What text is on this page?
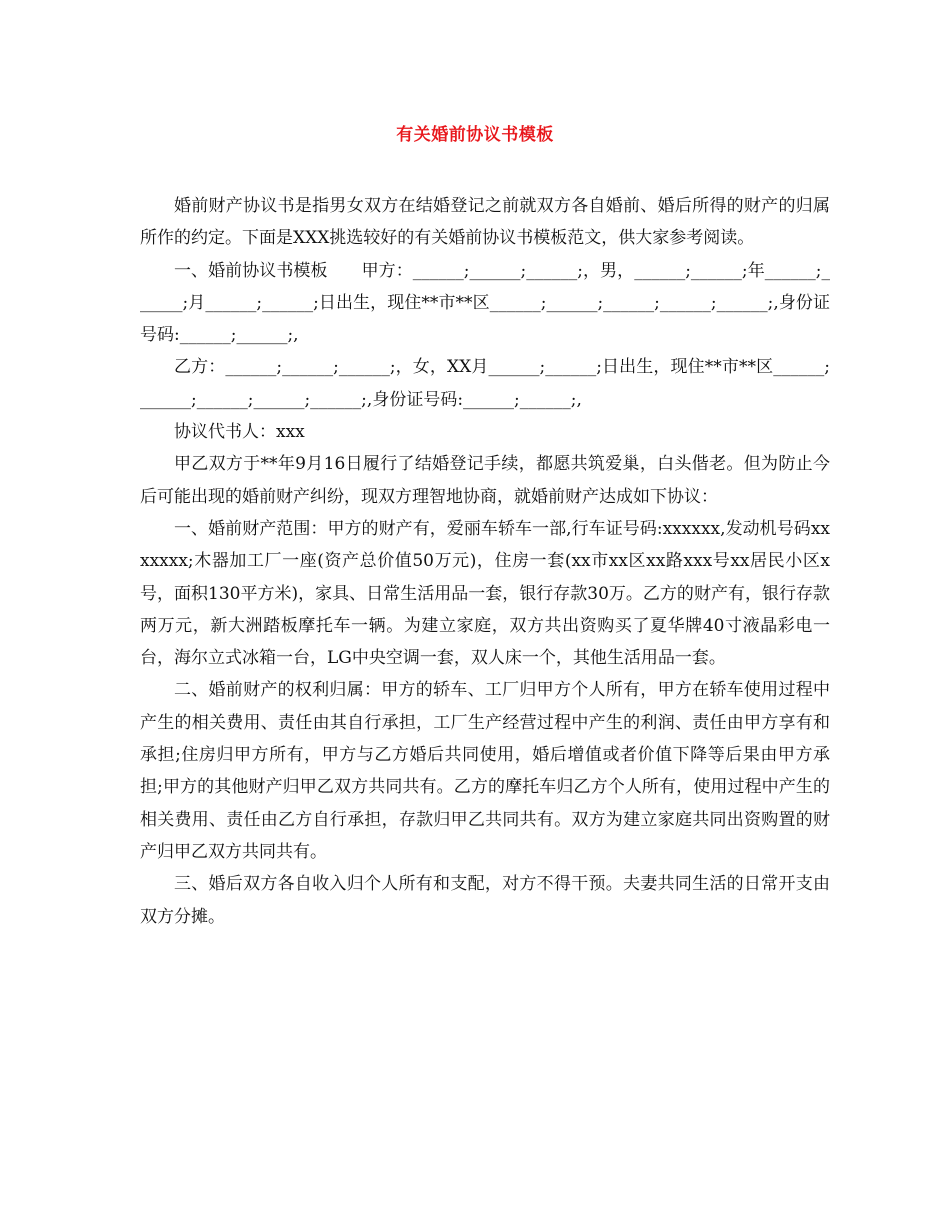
有关婚前协议书模板

婚前财产协议书是指男女双方在结婚登记之前就双方各自婚前、婚后所得的财产的归属所作的约定。下面是XXX挑选较好的有关婚前协议书模板范文，供大家参考阅读。

一、婚前协议书模板　　甲方：______;______;______;，男，______;______;年______;______;月______;______;日出生，现住**市**区______;______;______;______;______;,身份证号码:______;______;,

乙方：______;______;______;，女，XX月______;______;日出生，现住**市**区______;______;______;______;______;,身份证号码:______;______;,

协议代书人：xxx

甲乙双方于**年9月16日履行了结婚登记手续，都愿共筑爱巢，白头偕老。但为防止今后可能出现的婚前财产纠纷，现双方理智地协商，就婚前财产达成如下协议：

一、婚前财产范围：甲方的财产有，爱丽车轿车一部,行车证号码:xxxxxx,发动机号码xxxxxxx;木器加工厂一座(资产总价值50万元)，住房一套(xx市xx区xx路xxx号xx居民小区x号，面积130平方米)，家具、日常生活用品一套，银行存款30万。乙方的财产有，银行存款两万元，新大洲踏板摩托车一辆。为建立家庭，双方共出资购买了夏华牌40寸液晶彩电一台，海尔立式冰箱一台，LG中央空调一套，双人床一个，其他生活用品一套。

二、婚前财产的权利归属：甲方的轿车、工厂归甲方个人所有，甲方在轿车使用过程中产生的相关费用、责任由其自行承担，工厂生产经营过程中产生的利润、责任由甲方享有和承担;住房归甲方所有，甲方与乙方婚后共同使用，婚后增值或者价值下降等后果由甲方承担;甲方的其他财产归甲乙双方共同共有。乙方的摩托车归乙方个人所有，使用过程中产生的相关费用、责任由乙方自行承担，存款归甲乙共同共有。双方为建立家庭共同出资购置的财产归甲乙双方共同共有。

三、婚后双方各自收入归个人所有和支配，对方不得干预。夫妻共同生活的日常开支由双方分摊。
